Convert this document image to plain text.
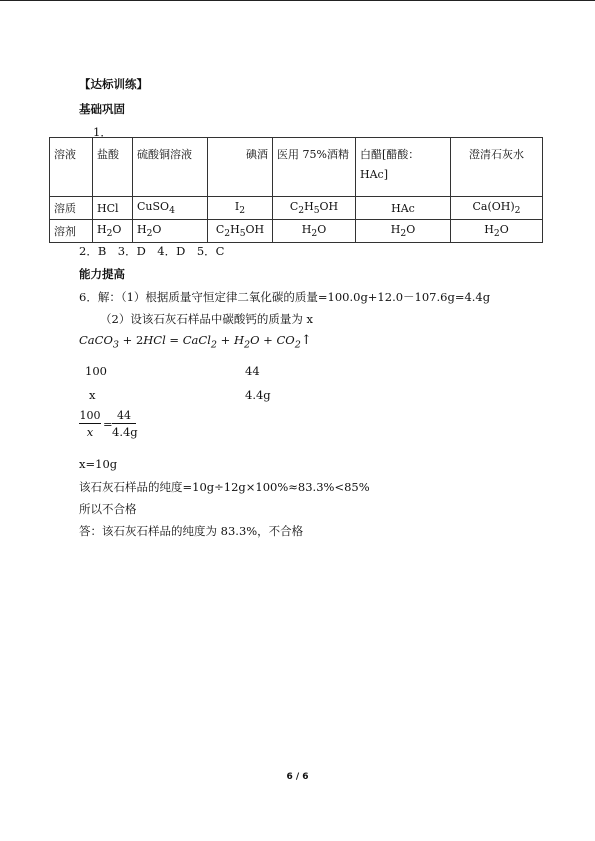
【达标训练】
基础巩固
1．
溶液	盐酸	硫酸铜溶液	碘酒	医用 75%酒精	白醋[醋酸：
HAc]	澄清石灰水
溶质	HCl	CuSO$_4$	$I_2$	$C_2H_5OH$	HAc	$Ca(OH)_2$
溶剂	$H_2O$	$H_2O$	$C_2H_5OH$	$H_2O$	$H_2O$	$H_2O$
2．B　3．D　4．D　5．C
能力提高
6．解：（1）根据质量守恒定律二氧化碳的质量=100.0g+12.0－107.6g=4.4g
（2）设该石灰石样品中碳酸钙的质量为 x
CaCO$_3$ + 2HCl = CaCl$_2$ + $H_2O$ + $CO_2↑$
100
x
44
4.4g
100
x
=
44
4.4g
x=10g
该石灰石样品的纯度=10g÷12g×100%≈83.3%<85%
所以不合格
答：该石灰石样品的纯度为 83.3%，不合格
6 / 6
